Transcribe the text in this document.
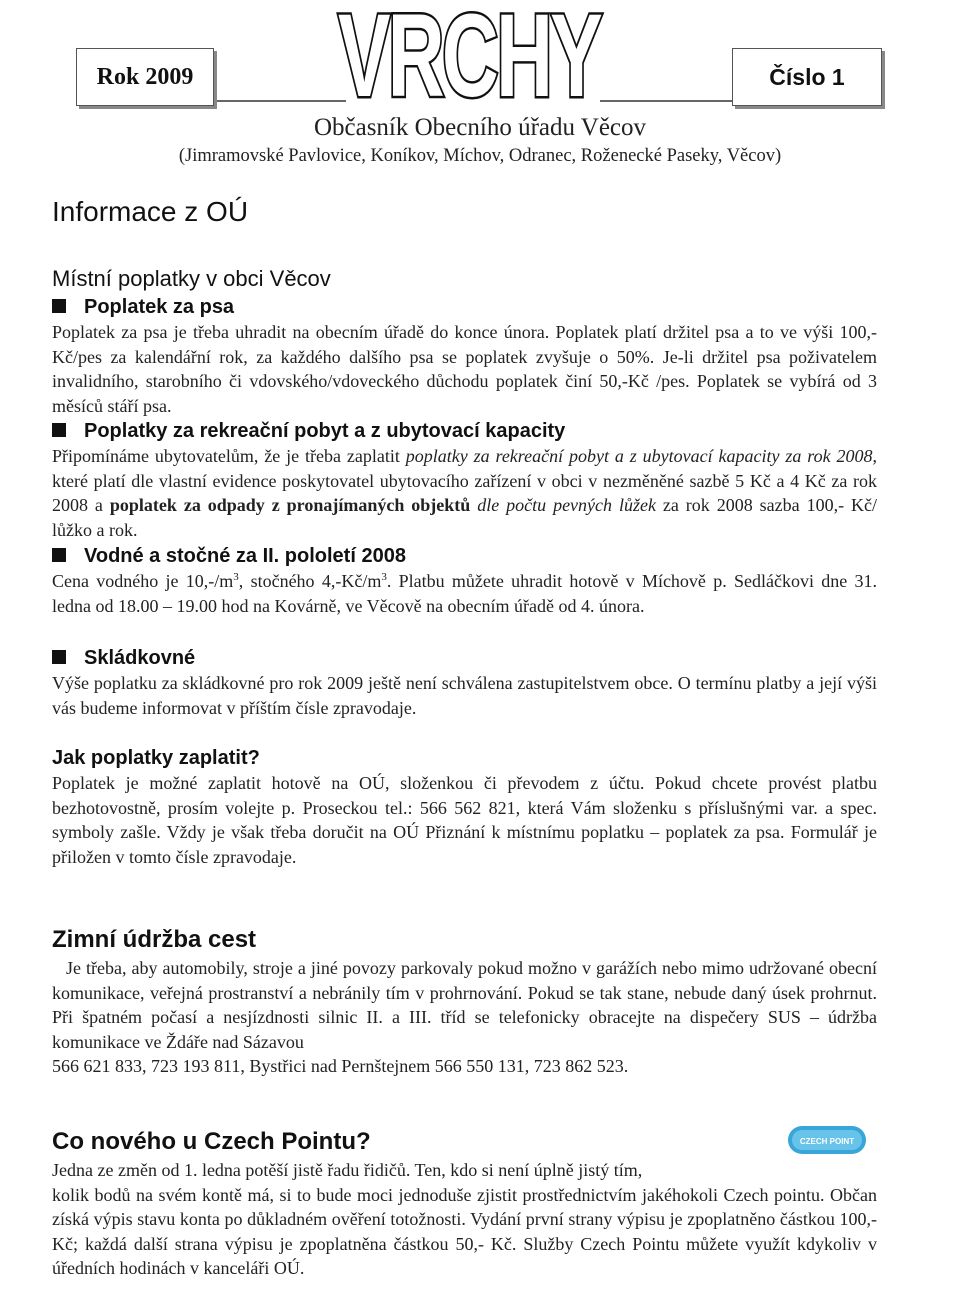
Rok 2009	Číslo 1
VRCHY
Občasník Obecního úřadu Věcov
(Jimramovské Pavlovice, Koníkov, Míchov, Odranec, Roženecké Paseky, Věcov)
Informace z OÚ
Místní poplatky v obci Věcov
Poplatek za psa

Poplatek za psa je třeba uhradit na obecním úřadě do konce února. Poplatek platí držitel psa a to ve výši 100,- Kč/pes za kalendářní rok, za každého dalšího psa se poplatek zvyšuje o 50%. Je-li držitel psa poživatelem invalidního, starobního či vdovského/vdoveckého důchodu poplatek činí 50,-Kč /pes. Poplatek se vybírá od 3 měsíců stáří psa.

Poplatky za rekreační pobyt a z ubytovací kapacity

Připomínáme ubytovatelům, že je třeba zaplatit poplatky za rekreační pobyt a z ubytovací kapacity za rok 2008, které platí dle vlastní evidence poskytovatel ubytovacího zařízení v obci v nezměněné sazbě 5 Kč a 4 Kč za rok 2008 a poplatek za odpady z pronajímaných objektů dle počtu pevných lůžek za rok 2008 sazba 100,- Kč/ lůžko a rok.

Vodné a stočné za II. pololetí 2008

Cena vodného je $10,-/m^3$, stočného $4,-Kč/m^3$. Platbu můžete uhradit hotově v Míchově p. Sedláčkovi dne 31. ledna od 18.00 – 19.00 hod na Kovárně, ve Věcově na obecním úřadě od 4. února.

Skládkovné

Výše poplatku za skládkovné pro rok 2009 ještě není schválena zastupitelstvem obce. O termínu platby a její výši vás budeme informovat v příštím čísle zpravodaje.

Jak poplatky zaplatit?

Poplatek je možné zaplatit hotově na OÚ, složenkou či převodem z účtu. Pokud chcete provést platbu bezhotovostně, prosím volejte p. Proseckou tel.: 566 562 821, která Vám složenku s příslušnými var. a spec. symboly zašle. Vždy je však třeba doručit na OÚ Přiznání k místnímu poplatku – poplatek za psa. Formulář je přiložen v tomto čísle zpravodaje.

Zimní údržba cest

Je třeba, aby automobily, stroje a jiné povozy parkovaly pokud možno v garážích nebo mimo udržované obecní komunikace, veřejná prostranství a nebránily tím v prohrnování. Pokud se tak stane, nebude daný úsek prohrnut. Při špatném počasí a nesjízdnosti silnic II. a III. tříd se telefonicky obracejte na dispečery SUS – údržba komunikace ve Ždáře nad Sázavou

566 621 833, 723 193 811, Bystřici nad Pernštejnem 566 550 131, 723 862 523.

Co nového u Czech Pointu?	CZECH POINT

Jedna ze změn od 1. ledna potěší jistě řadu řidičů. Ten, kdo si není úplně jistý tím,

kolik bodů na svém kontě má, si to bude moci jednoduše zjistit prostřednictvím jakéhokoli Czech pointu. Občan získá výpis stavu konta po důkladném ověření totožnosti. Vydání první strany výpisu je zpoplatněno částkou 100,- Kč; každá další strana výpisu je zpoplatněna částkou 50,- Kč. Služby Czech Pointu můžete využít kdykoliv v úředních hodinách v kanceláři OÚ.
